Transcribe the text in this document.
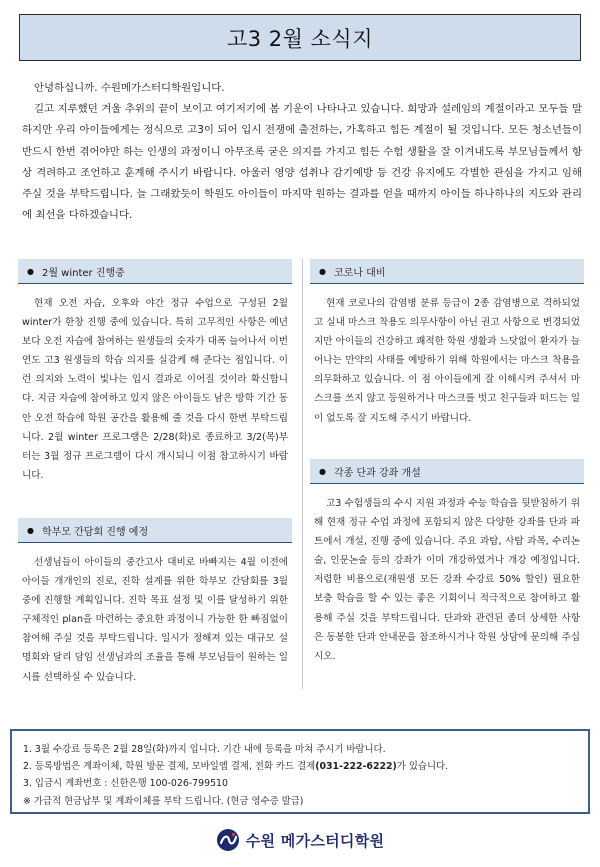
고3 2월 소식지

안녕하십니까. 수원메가스터디학원입니다.

길고 지루했던 겨울 추위의 끝이 보이고 여기저기에 봄 기운이 나타나고 있습니다. 희망과 설레임의 계절이라고 모두들 말하지만 우리 아이들에게는 정식으로 고3이 되어 입시 전쟁에 출전하는, 가혹하고 힘든 계절이 될 것입니다. 모든 청소년들이 반드시 한번 겪어야만 하는 인생의 과정이니 아무조록 굳은 의지를 가지고 힘든 수험 생활을 잘 이겨내도록 부모님들께서 항상 격려하고 조언하고 훈계해 주시기 바랍니다. 아울러 영양 섭취나 감기예방 등 건강 유지에도 각별한 관심을 가지고 임해 주실 것을 부탁드립니다. 늘 그래왔듯이 학원도 아이들이 마지막 원하는 결과를 얻을 때까지 아이들 하나하나의 지도와 관리에 최선을 다하겠습니다.

● 2월 winter 진행중

현재 오전 자습, 오후와 야간 정규 수업으로 구성된 2월 winter가 한창 진행 중에 있습니다. 특히 고무적인 사항은 예년보다 오전 자습에 참여하는 원생들의 숫자가 대폭 늘어나서 이번 연도 고3 원생들의 학습 의지를 실감케 해 준다는 점입니다. 이런 의지와 노력이 빛나는 입시 결과로 이어질 것이라 확신합니다. 지금 자습에 참여하고 있지 않은 아이들도 남은 방학 기간 동안 오전 학습에 학원 공간을 활용해 줄 것을 다시 한번 부탁드립니다. 2월 winter 프로그램은 2/28(화)로 종료하고 3/2(목)부터는 3월 정규 프로그램이 다시 개시되니 이점 참고하시기 바랍니다.

● 학부모 간담회 진행 예정

선생님들이 아이들의 중간고사 대비로 바빠지는 4월 이전에 아이들 개개인의 진로, 진학 설계를 위한 학부모 간담회를 3월 중에 진행할 계획입니다. 진학 목표 설정 및 이를 달성하기 위한 구체적인 plan을 마련하는 중요한 과정이니 가능한 한 빠짐없이 참여해 주실 것을 부탁드립니다. 일시가 정해져 있는 대규모 설명회와 달리 담임 선생님과의 조율을 통해 부모님들이 원하는 일시를 선택하실 수 있습니다.

● 코로나 대비

현재 코로나의 감염병 분류 등급이 2종 감염병으로 격하되었고 실내 마스크 착용도 의무사항이 아닌 권고 사항으로 변경되었지만 아이들의 건강하고 쾌적한 학원 생활과 느닷없이 환자가 늘어나는 만약의 사태를 예방하기 위해 학원에서는 마스크 착용을 의무화하고 있습니다. 이 점 아이들에게 잘 이해시켜 주셔서 마스크를 쓰지 않고 등원하거나 마스크를 벗고 친구들과 떠드는 일이 없도록 잘 지도해 주시기 바랍니다.

● 각종 단과 강좌 개설

고3 수험생들의 수시 지원 과정과 수능 학습을 뒷받침하기 위해 현재 정규 수업 과정에 포함되지 않은 다양한 강좌를 단과 파트에서 개설, 진행 중에 있습니다. 주요 과탐, 사탐 과목, 수리논술, 인문논술 등의 강좌가 이미 개강하였거나 개강 예정입니다. 저렴한 비용으로(재원생 모든 강좌 수강료 50% 할인) 필요한 보충 학습을 할 수 있는 좋은 기회이니 적극적으로 참여하고 활용해 주실 것을 부탁드립니다. 단과와 관련된 좀더 상세한 사항은 동봉한 단과 안내문을 참조하시거나 학원 상담에 문의해 주십시오.

1. 3월 수강료 등록은 2월 28일(화)까지 입니다. 기간 내에 등록을 마쳐 주시기 바랍니다.
2. 등록방법은 계좌이체, 학원 방문 결제, 모바일앱 결제, 전화 카드 결제(031-222-6222)가 있습니다.
3. 입금시 계좌번호 : 신한은행 100-026-799510
※ 가급적 현금납부 및 계좌이체를 부탁 드립니다. (현금 영수증 발급)
수원 메가스터디학원
